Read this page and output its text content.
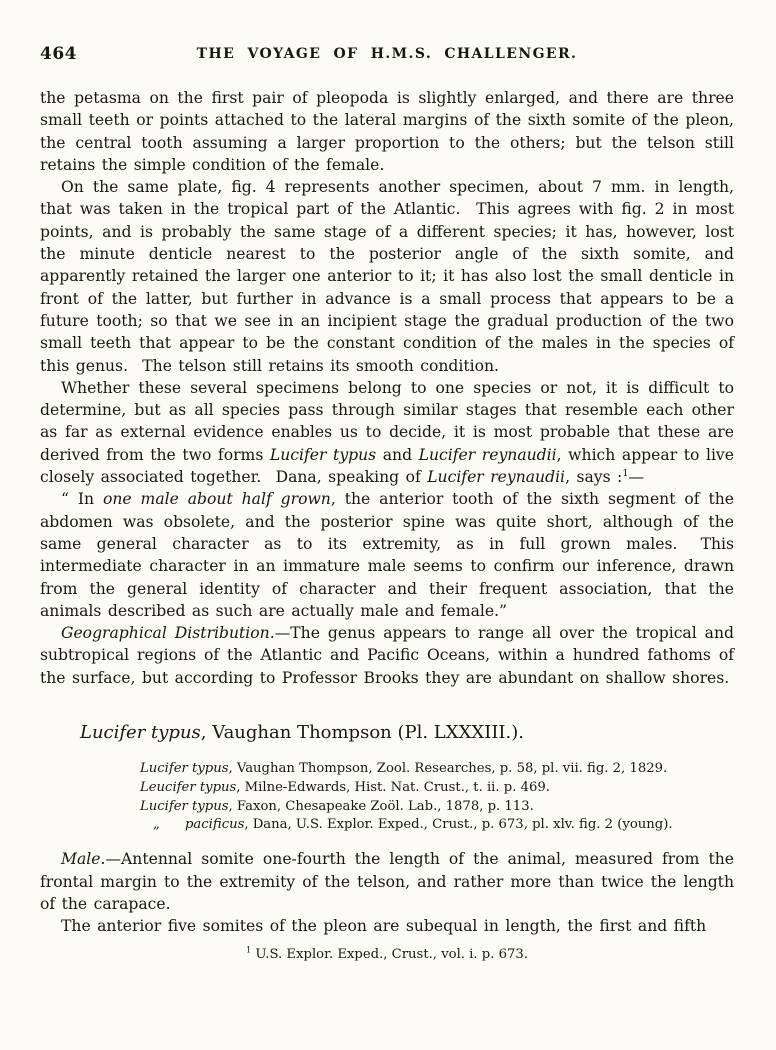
464	THE VOYAGE OF H.M.S. CHALLENGER.

the petasma on the first pair of pleopoda is slightly enlarged, and there are three small teeth or points attached to the lateral margins of the sixth somite of the pleon, the central tooth assuming a larger proportion to the others; but the telson still retains the simple condition of the female.

On the same plate, fig. 4 represents another specimen, about 7 mm. in length, that was taken in the tropical part of the Atlantic.  This agrees with fig. 2 in most points, and is probably the same stage of a different species; it has, however, lost the minute denticle nearest to the posterior angle of the sixth somite, and apparently retained the larger one anterior to it; it has also lost the small denticle in front of the latter, but further in advance is a small process that appears to be a future tooth; so that we see in an incipient stage the gradual production of the two small teeth that appear to be the constant condition of the males in the species of this genus.  The telson still retains its smooth condition.

Whether these several specimens belong to one species or not, it is difficult to determine, but as all species pass through similar stages that resemble each other as far as external evidence enables us to decide, it is most probable that these are derived from the two forms Lucifer typus and Lucifer reynaudii, which appear to live closely associated together.  Dana, speaking of Lucifer reynaudii, says :$^1$—

“ In one male about half grown, the anterior tooth of the sixth segment of the abdomen was obsolete, and the posterior spine was quite short, although of the same general character as to its extremity, as in full grown males.  This intermediate character in an immature male seems to confirm our inference, drawn from the general identity of character and their frequent association, that the animals described as such are actually male and female.”

Geographical Distribution.—The genus appears to range all over the tropical and subtropical regions of the Atlantic and Pacific Oceans, within a hundred fathoms of the surface, but according to Professor Brooks they are abundant on shallow shores.

Lucifer typus, Vaughan Thompson (Pl. LXXXIII.).

Lucifer typus, Vaughan Thompson, Zool. Researches, p. 58, pl. vii. fig. 2, 1829.

Leucifer typus, Milne-Edwards, Hist. Nat. Crust., t. ii. p. 469.

Lucifer typus, Faxon, Chesapeake Zoöl. Lab., 1878, p. 113.

„      pacificus, Dana, U.S. Explor. Exped., Crust., p. 673, pl. xlv. fig. 2 (young).

Male.—Antennal somite one-fourth the length of the animal, measured from the frontal margin to the extremity of the telson, and rather more than twice the length of the carapace.

The anterior five somites of the pleon are subequal in length, the first and fifth

$^1$ U.S. Explor. Exped., Crust., vol. i. p. 673.
